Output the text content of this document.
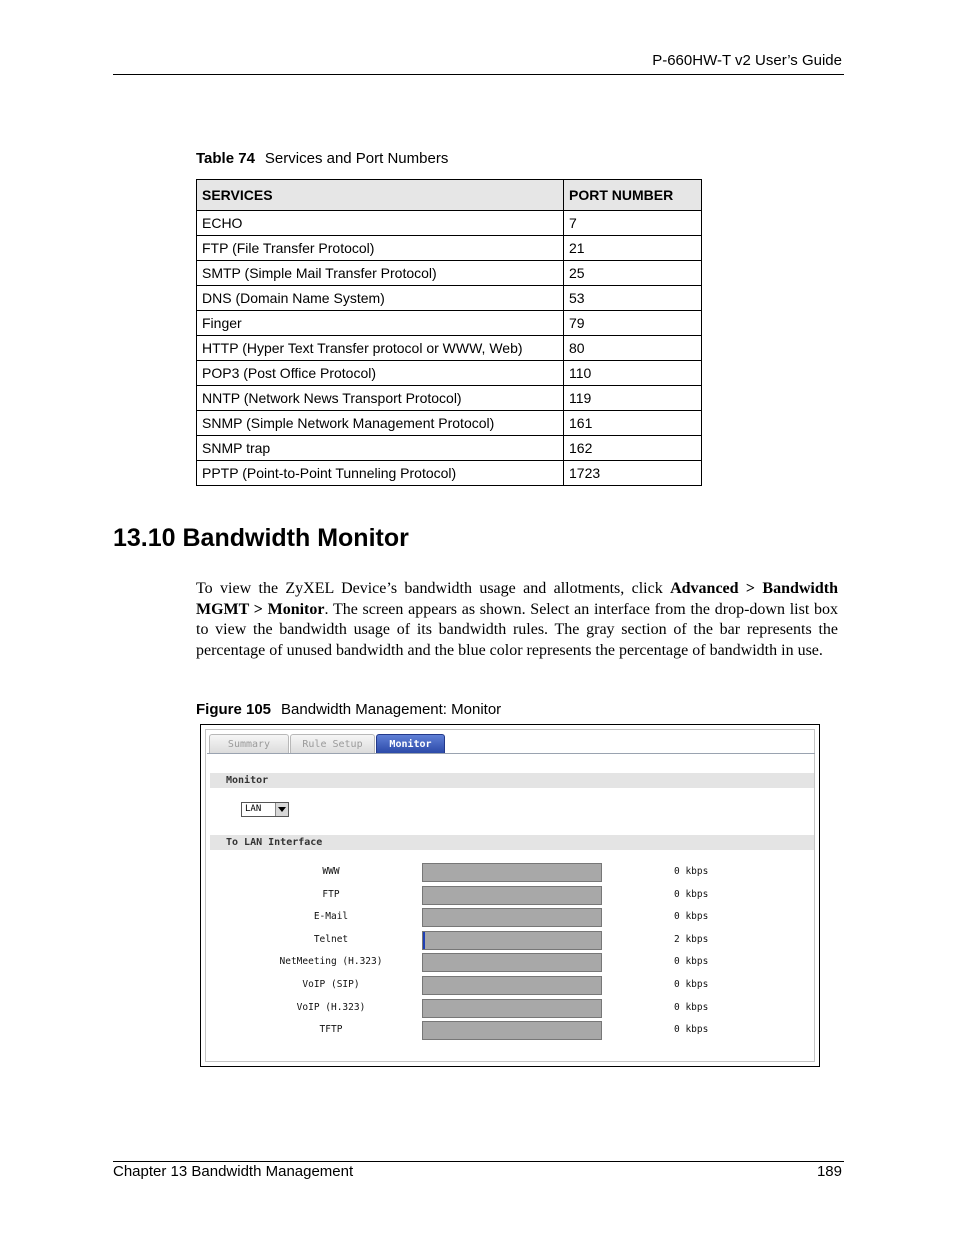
P-660HW-T v2 User’s Guide
Table 74 Services and Port Numbers
SERVICES	PORT NUMBER
ECHO	7
FTP (File Transfer Protocol)	21
SMTP (Simple Mail Transfer Protocol)	25
DNS (Domain Name System)	53
Finger	79
HTTP (Hyper Text Transfer protocol or WWW, Web)	80
POP3 (Post Office Protocol)	110
NNTP (Network News Transport Protocol)	119
SNMP (Simple Network Management Protocol)	161
SNMP trap	162
PPTP (Point-to-Point Tunneling Protocol)	1723
13.10 Bandwidth Monitor

To view the ZyXEL Device’s bandwidth usage and allotments, click Advanced > Bandwidth MGMT > Monitor. The screen appears as shown. Select an interface from the drop-down list box to view the bandwidth usage of its bandwidth rules. The gray section of the bar represents the percentage of unused bandwidth and the blue color represents the percentage of bandwidth in use.

Figure 105 Bandwidth Management: Monitor
Summary	Rule Setup	Monitor
Monitor
LAN
To LAN Interface
WWW	0 kbps
FTP	0 kbps
E-Mail	0 kbps
Telnet	2 kbps
NetMeeting (H.323)	0 kbps
VoIP (SIP)	0 kbps
VoIP (H.323)	0 kbps
TFTP	0 kbps
Chapter 13 Bandwidth Management	189
